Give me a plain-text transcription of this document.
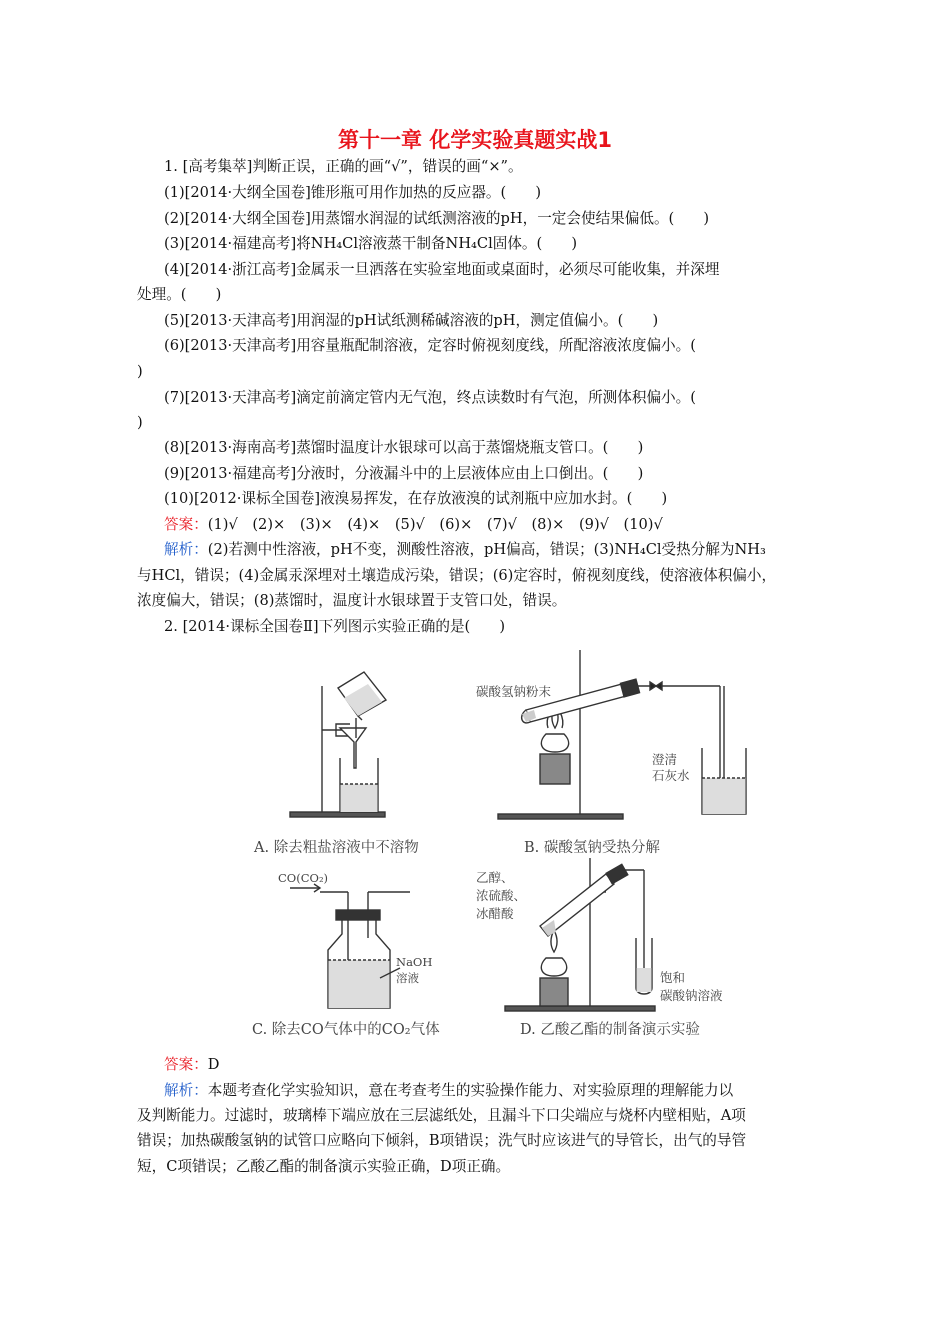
第十一章 化学实验真题实战1
1. [高考集萃]判断正误，正确的画“√”，错误的画“×”。
(1)[2014·大纲全国卷]锥形瓶可用作加热的反应器。(　　)
(2)[2014·大纲全国卷]用蒸馏水润湿的试纸测溶液的pH，一定会使结果偏低。(　　)
(3)[2014·福建高考]将NH₄Cl溶液蒸干制备NH₄Cl固体。(　　)
(4)[2014·浙江高考]金属汞一旦洒落在实验室地面或桌面时，必须尽可能收集，并深埋
处理。(　　)
(5)[2013·天津高考]用润湿的pH试纸测稀碱溶液的pH，测定值偏小。(　　)
(6)[2013·天津高考]用容量瓶配制溶液，定容时俯视刻度线，所配溶液浓度偏小。(
)
(7)[2013·天津高考]滴定前滴定管内无气泡，终点读数时有气泡，所测体积偏小。(
)
(8)[2013·海南高考]蒸馏时温度计水银球可以高于蒸馏烧瓶支管口。(　　)
(9)[2013·福建高考]分液时，分液漏斗中的上层液体应由上口倒出。(　　)
(10)[2012·课标全国卷]液溴易挥发，在存放液溴的试剂瓶中应加水封。(　　)
答案：(1)√　(2)×　(3)×　(4)×　(5)√　(6)×　(7)√　(8)×　(9)√　(10)√
解析：(2)若测中性溶液，pH不变，测酸性溶液，pH偏高，错误；(3)NH₄Cl受热分解为NH₃
与HCl，错误；(4)金属汞深埋对土壤造成污染，错误；(6)定容时，俯视刻度线，使溶液体积偏小，
浓度偏大，错误；(8)蒸馏时，温度计水银球置于支管口处，错误。
2. [2014·课标全国卷Ⅱ]下列图示实验正确的是(　　)
碳酸氢钠粉末
澄清
石灰水
CO(CO₂)
NaOH
溶液
乙醇、
浓硫酸、
冰醋酸
饱和
碳酸钠溶液
A. 除去粗盐溶液中不溶物	B. 碳酸氢钠受热分解
C. 除去CO气体中的CO₂气体	D. 乙酸乙酯的制备演示实验
答案：D
解析：本题考查化学实验知识，意在考查考生的实验操作能力、对实验原理的理解能力以
及判断能力。过滤时，玻璃棒下端应放在三层滤纸处，且漏斗下口尖端应与烧杯内壁相贴，A项
错误；加热碳酸氢钠的试管口应略向下倾斜，B项错误；洗气时应该进气的导管长，出气的导管
短，C项错误；乙酸乙酯的制备演示实验正确，D项正确。
